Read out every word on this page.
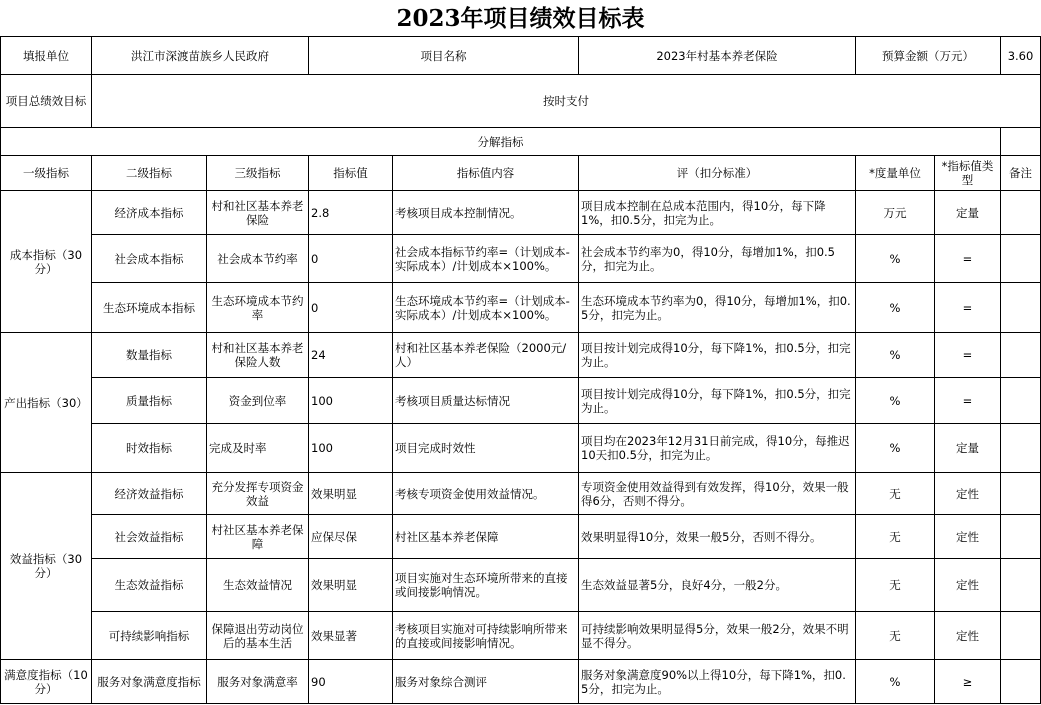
2023年项目绩效目标表
填报单位	洪江市深渡苗族乡人民政府		项目名称		2023年村基本养老保险	预算金额（万元）		3.60
项目总绩效目标	按时支付							
分解指标								
一级指标	二级指标	三级指标	指标值	指标值内容	评（扣分标准）	*度量单位	*指标值类型	备注
成本指标（30分）	经济成本指标	村和社区基本养老保险	2.8	考核项目成本控制情况。	项目成本控制在总成本范围内，得10分，每下降1%，扣0.5分，扣完为止。	万元	定量	
	社会成本指标	社会成本节约率	0	社会成本指标节约率=（计划成本-实际成本）/计划成本×100%。	社会成本节约率为0，得10分，每增加1%，扣0.5分，扣完为止。	%	=	
	生态环境成本指标	生态环境成本节约率	0	生态环境成本节约率=（计划成本-实际成本）/计划成本×100%。	生态环境成本节约率为0，得10分，每增加1%，扣0.5分，扣完为止。	%	=	
产出指标（30）	数量指标	村和社区基本养老保险人数	24	村和社区基本养老保险（2000元/人）	项目按计划完成得10分，每下降1%，扣0.5分，扣完为止。	%	=	
	质量指标	资金到位率	100	考核项目质量达标情况	项目按计划完成得10分，每下降1%，扣0.5分，扣完为止。	%	=	
	时效指标	完成及时率	100	项目完成时效性	项目均在2023年12月31日前完成，得10分，每推迟10天扣0.5分，扣完为止。	%	定量	
效益指标（30分）	经济效益指标	充分发挥专项资金效益	效果明显	考核专项资金使用效益情况。	专项资金使用效益得到有效发挥，得10分，效果一般得6分，否则不得分。	无	定性	
	社会效益指标	村社区基本养老保障	应保尽保	村社区基本养老保障	效果明显得10分，效果一般5分，否则不得分。	无	定性	
	生态效益指标	生态效益情况	效果明显	项目实施对生态环境所带来的直接或间接影响情况。	生态效益显著5分，良好4分，一般2分。	无	定性	
	可持续影响指标	保障退出劳动岗位后的基本生活	效果显著	考核项目实施对可持续影响所带来的直接或间接影响情况。	可持续影响效果明显得5分，效果一般2分，效果不明显不得分。	无	定性	
满意度指标（10分）	服务对象满意度指标	服务对象满意率	90	服务对象综合测评	服务对象满意度90%以上得10分，每下降1%，扣0.5分，扣完为止。	%	≥	
